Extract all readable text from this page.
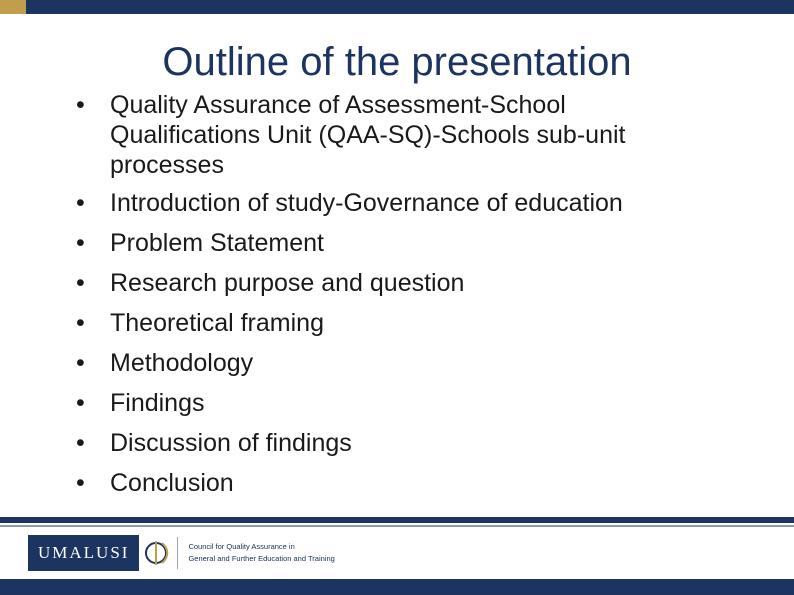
Outline of the presentation
• Quality Assurance of Assessment-School
Qualifications Unit (QAA-SQ)-Schools sub-unit
processes
• Introduction of study-Governance of education
• Problem Statement
• Research purpose and question
• Theoretical framing
• Methodology
• Findings
• Discussion of findings
• Conclusion
UMALUSI	Council for Quality Assurance in
General and Further Education and Training
